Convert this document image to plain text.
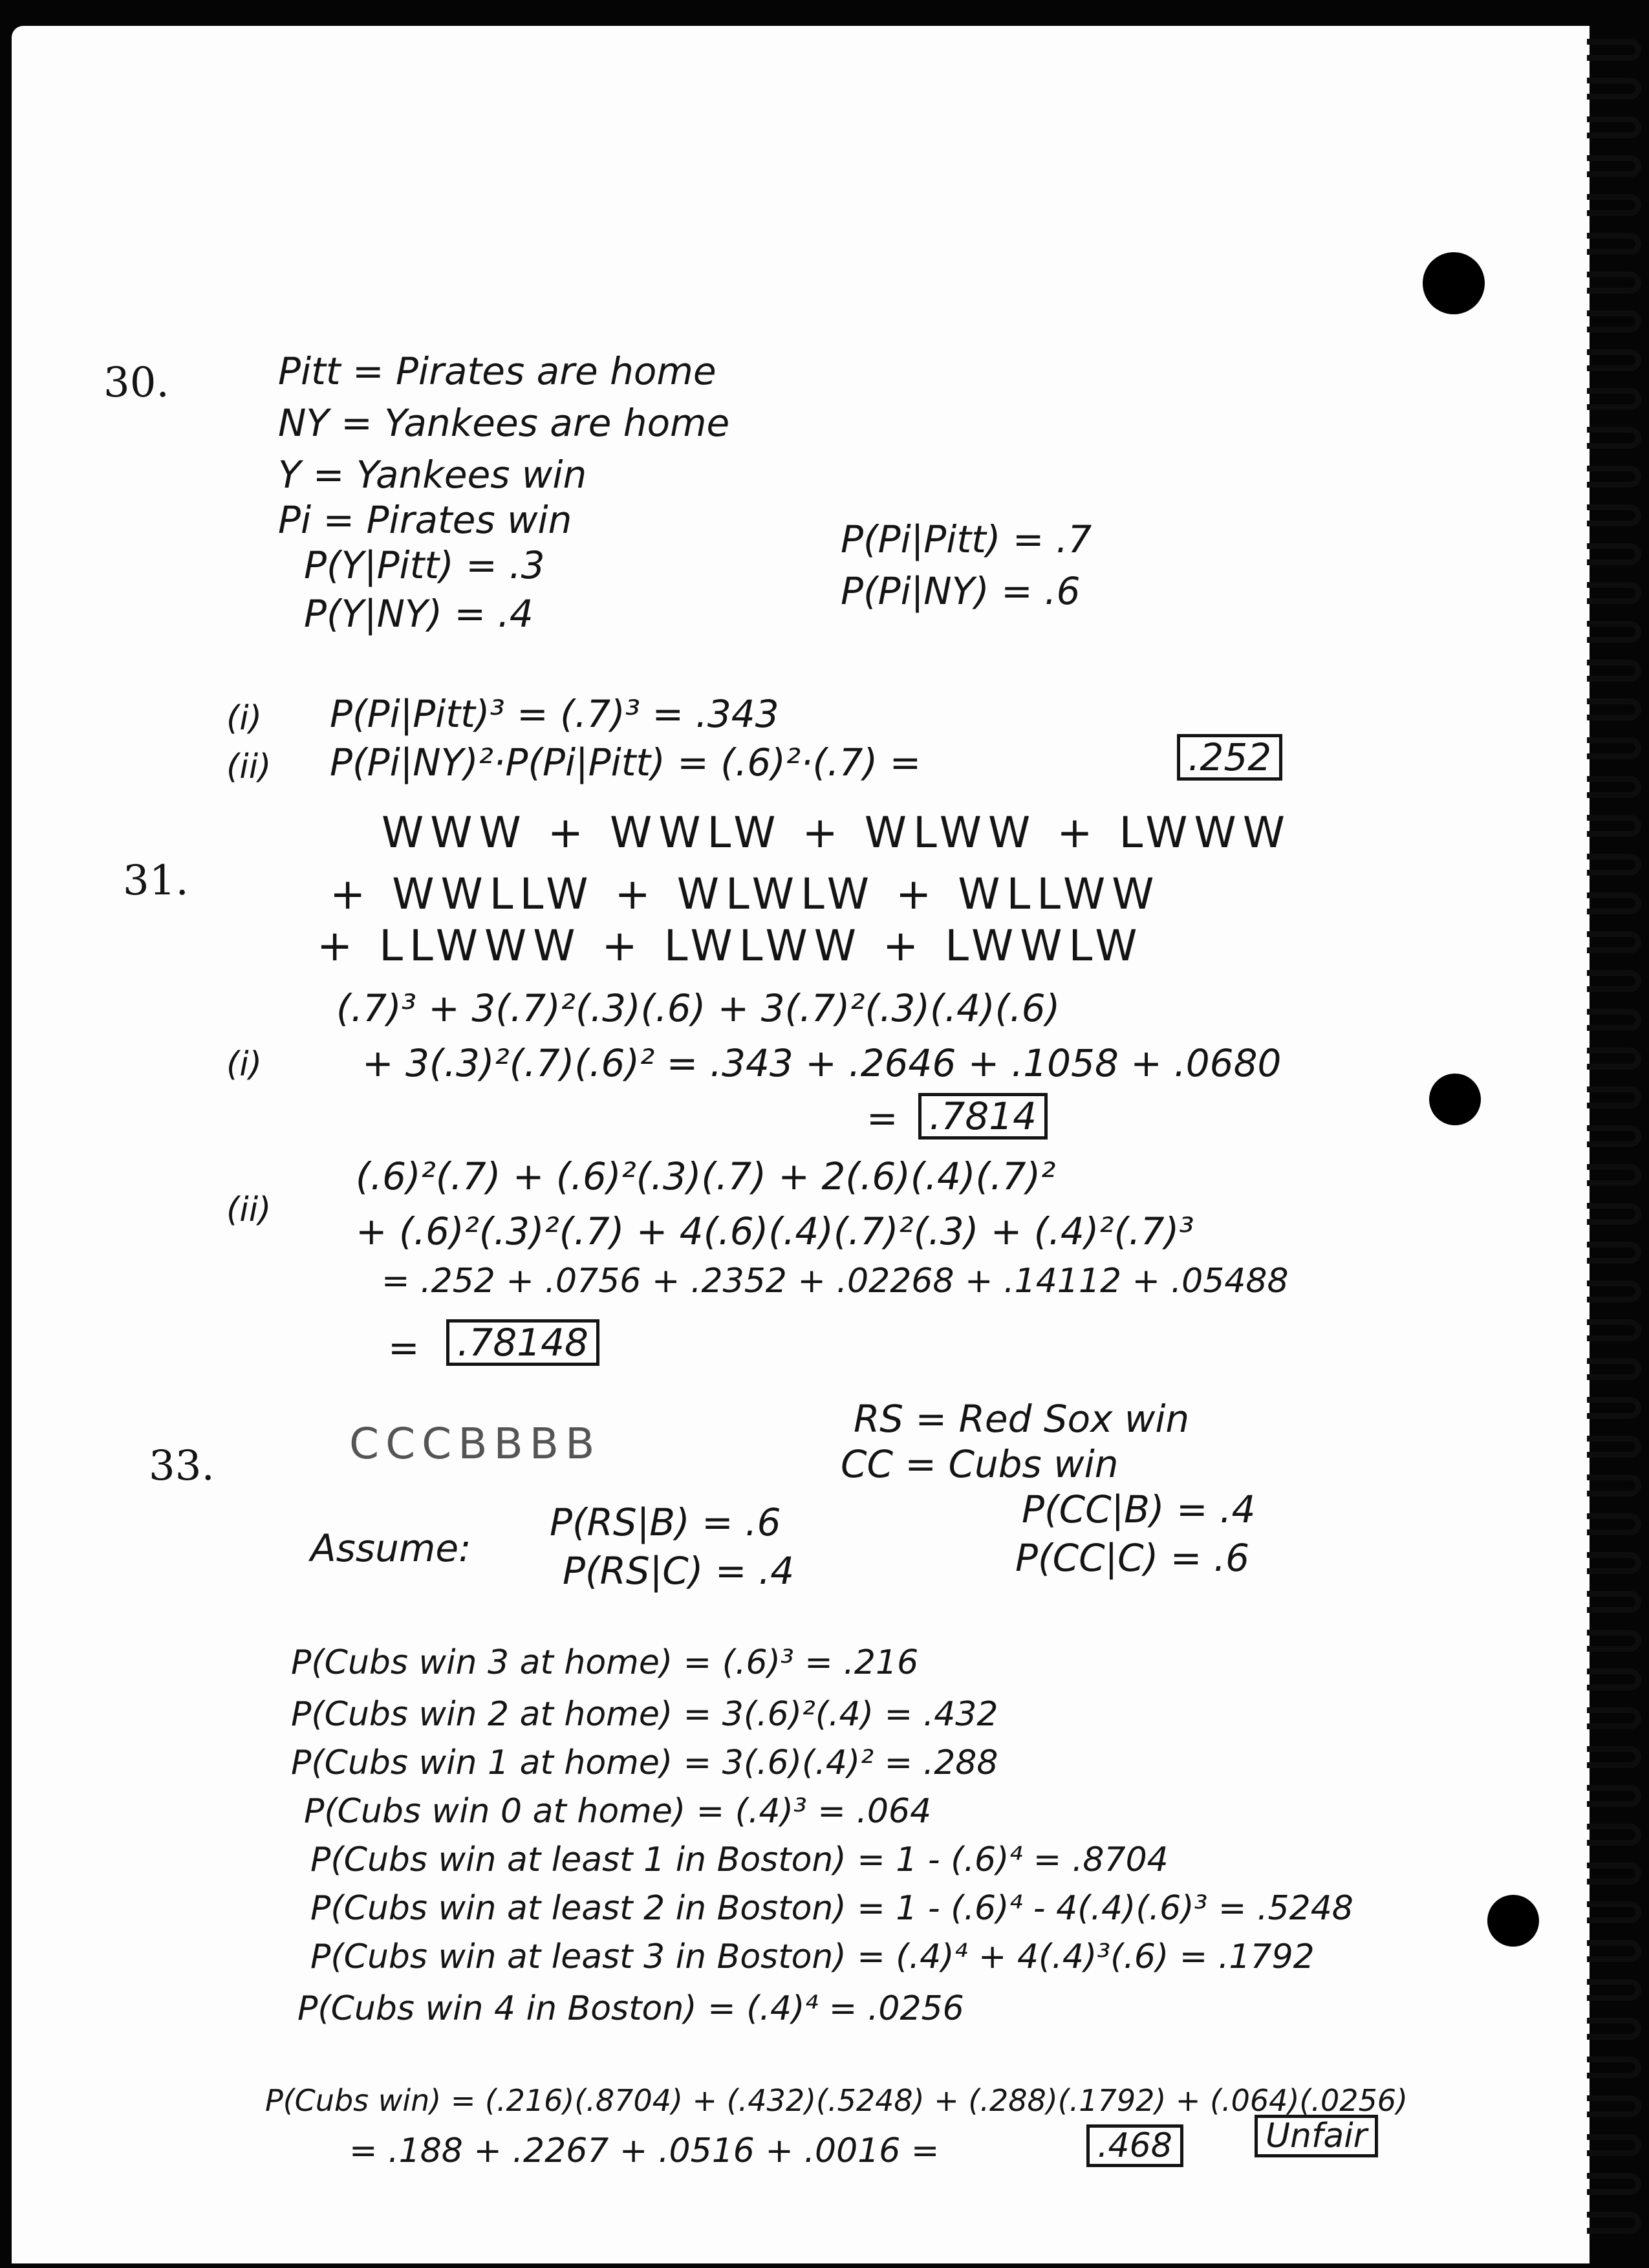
30.	Pitt = Pirates are home
NY = Yankees are home
Y = Yankees win
Pi = Pirates win
P(Y|Pitt) = .3
P(Y|NY) = .4
P(Pi|Pitt) = .7
P(Pi|NY) = .6
(i) P(Pi|Pitt)³ = (.7)³ = .343
(ii) P(Pi|NY)²·P(Pi|Pitt) = (.6)²·(.7) =	.252
31.
WWW + WWLW + WLWW + LWWW
+ WWLLW + WLWLW + WLLWW
+ LLWWW + LWLWW + LWWLW
(i)
(.7)³ + 3(.7)²(.3)(.6) + 3(.7)²(.3)(.4)(.6)
+ 3(.3)²(.7)(.6)² = .343 + .2646 + .1058 + .0680
= .7814
(ii)
(.6)²(.7) + (.6)²(.3)(.7) + 2(.6)(.4)(.7)²
+ (.6)²(.3)²(.7) + 4(.6)(.4)(.7)²(.3) + (.4)²(.7)³
= .252 + .0756 + .2352 + .02268 + .14112 + .05488
= .78148
33.	CCCBBBB	RS = Red Sox win
CC = Cubs win
Assume:
P(RS|B) = .6
P(RS|C) = .4
P(CC|B) = .4
P(CC|C) = .6
P(Cubs win 3 at home) = (.6)³ = .216
P(Cubs win 2 at home) = 3(.6)²(.4) = .432
P(Cubs win 1 at home) = 3(.6)(.4)² = .288
P(Cubs win 0 at home) = (.4)³ = .064
P(Cubs win at least 1 in Boston) = 1 - (.6)⁴ = .8704
P(Cubs win at least 2 in Boston) = 1 - (.6)⁴ - 4(.4)(.6)³ = .5248
P(Cubs win at least 3 in Boston) = (.4)⁴ + 4(.4)³(.6) = .1792
P(Cubs win 4 in Boston) = (.4)⁴ = .0256
P(Cubs win) = (.216)(.8704) + (.432)(.5248) + (.288)(.1792) + (.064)(.0256)
= .188 + .2267 + .0516 + .0016 =	.468	Unfair
